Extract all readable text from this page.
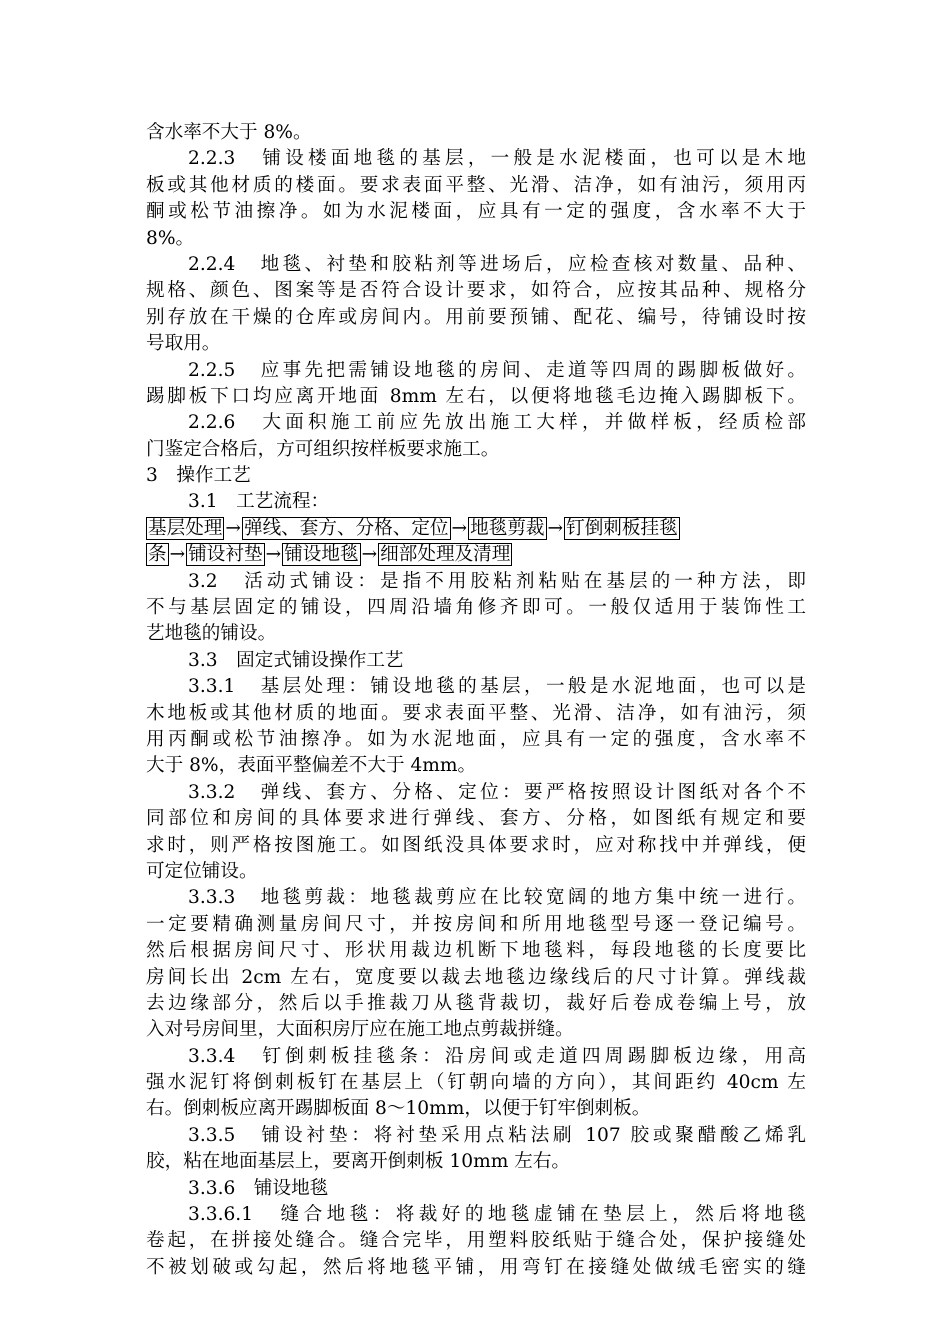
含水率不大于 8%。
2.2.3　铺设楼面地毯的基层，一般是水泥楼面，也可以是木地
板或其他材质的楼面。要求表面平整、光滑、洁净，如有油污，须用丙
酮或松节油擦净。如为水泥楼面，应具有一定的强度，含水率不大于
8%。
2.2.4　地毯、衬垫和胶粘剂等进场后，应检查核对数量、品种、
规格、颜色、图案等是否符合设计要求，如符合，应按其品种、规格分
别存放在干燥的仓库或房间内。用前要预铺、配花、编号，待铺设时按
号取用。
2.2.5　应事先把需铺设地毯的房间、走道等四周的踢脚板做好。
踢脚板下口均应离开地面 8mm 左右，以便将地毯毛边掩入踢脚板下。
2.2.6　大面积施工前应先放出施工大样，并做样板，经质检部
门鉴定合格后，方可组织按样板要求施工。
3　操作工艺
3.1　工艺流程：
基层处理 → 弹线、套方、分格、定位 → 地毯剪裁 → 钉倒刺板挂毯
条 → 铺设衬垫 → 铺设地毯 → 细部处理及清理
3.2　活动式铺设：是指不用胶粘剂粘贴在基层的一种方法，即
不与基层固定的铺设，四周沿墙角修齐即可。一般仅适用于装饰性工
艺地毯的铺设。
3.3　固定式铺设操作工艺
3.3.1　基层处理：铺设地毯的基层，一般是水泥地面，也可以是
木地板或其他材质的地面。要求表面平整、光滑、洁净，如有油污，须
用丙酮或松节油擦净。如为水泥地面，应具有一定的强度，含水率不
大于 8%，表面平整偏差不大于 4mm。
3.3.2　弹线、套方、分格、定位：要严格按照设计图纸对各个不
同部位和房间的具体要求进行弹线、套方、分格，如图纸有规定和要
求时，则严格按图施工。如图纸没具体要求时，应对称找中并弹线，便
可定位铺设。
3.3.3　地毯剪裁：地毯裁剪应在比较宽阔的地方集中统一进行。
一定要精确测量房间尺寸，并按房间和所用地毯型号逐一登记编号。
然后根据房间尺寸、形状用裁边机断下地毯料，每段地毯的长度要比
房间长出 2cm 左右，宽度要以裁去地毯边缘线后的尺寸计算。弹线裁
去边缘部分，然后以手推裁刀从毯背裁切，裁好后卷成卷编上号，放
入对号房间里，大面积房厅应在施工地点剪裁拼缝。
3.3.4　钉倒刺板挂毯条：沿房间或走道四周踢脚板边缘，用高
强水泥钉将倒刺板钉在基层上（钉朝向墙的方向），其间距约 40cm 左
右。倒刺板应离开踢脚板面 8～10mm，以便于钉牢倒刺板。
3.3.5　铺设衬垫：将衬垫采用点粘法刷 107 胶或聚醋酸乙烯乳
胶，粘在地面基层上，要离开倒刺板 10mm 左右。
3.3.6　铺设地毯
3.3.6.1　缝合地毯：将裁好的地毯虚铺在垫层上，然后将地毯
卷起，在拼接处缝合。缝合完毕，用塑料胶纸贴于缝合处，保护接缝处
不被划破或勾起，然后将地毯平铺，用弯钉在接缝处做绒毛密实的缝
